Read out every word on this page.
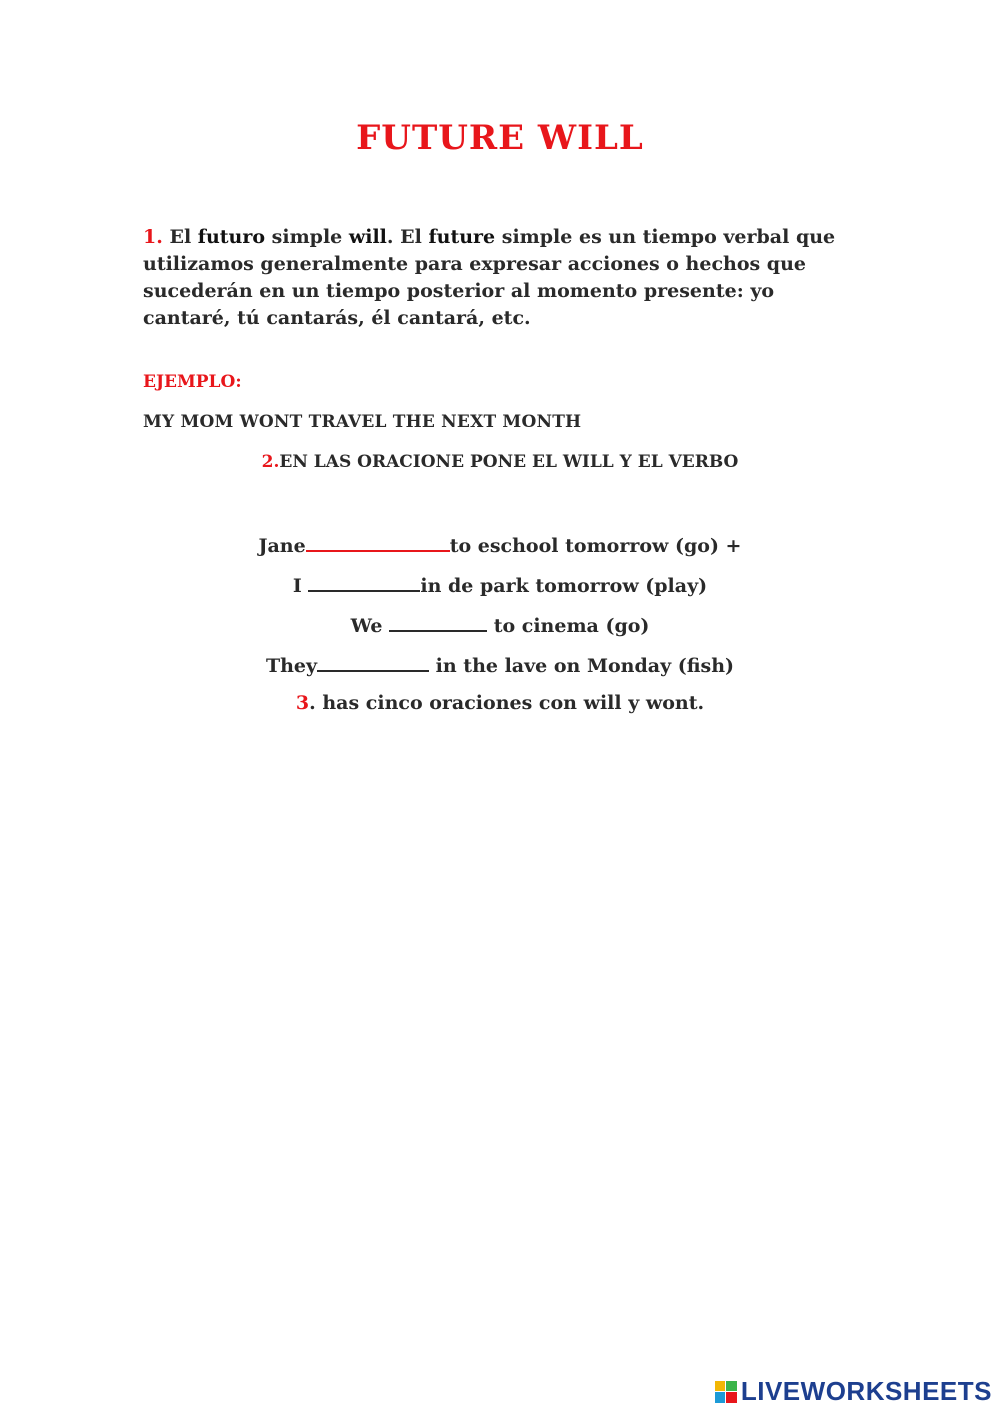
FUTURE WILL
1. El futuro simple will. El future simple es un tiempo verbal que utilizamos generalmente para expresar acciones o hechos que sucederán en un tiempo posterior al momento presente: yo cantaré, tú cantarás, él cantará, etc.
EJEMPLO:
MY MOM WONT TRAVEL THE NEXT MONTH
2.EN LAS ORACIONE PONE EL WILL Y EL VERBO
Jane	to eschool tomorrow (go) +
I	in de park tomorrow (play)
We	to cinema (go)
They	in the lave on Monday (fish)
3. has cinco oraciones con will y wont.
LIVEWORKSHEETS
